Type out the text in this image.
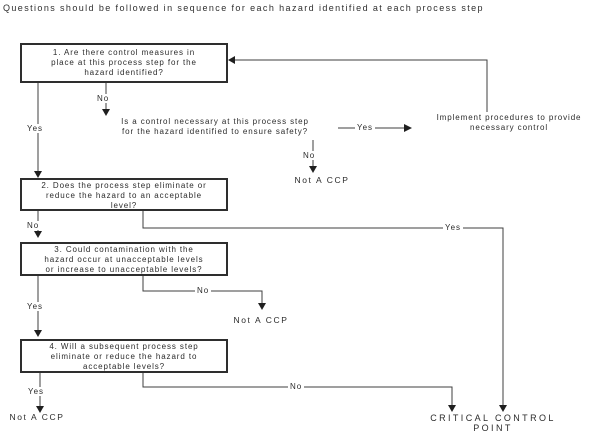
Questions should be followed in sequence for each hazard identified at each process step
1. Are there control measures in
place at this process step for the
hazard identified?
2. Does the process step eliminate or
reduce the hazard to an acceptable
level?
3. Could contamination with the
hazard occur at unacceptable levels
or increase to unacceptable levels?
4. Will a subsequent process step
eliminate or reduce the hazard to
acceptable levels?
Is a control necessary at this process step
for the hazard identified to ensure safety?
Implement procedures to provide
necessary control
Not A CCP
Not A CCP
Not A CCP	CRITICAL CONTROL
POINT
Yes
No
Yes
No
No	Yes
Yes
No
Yes
No
